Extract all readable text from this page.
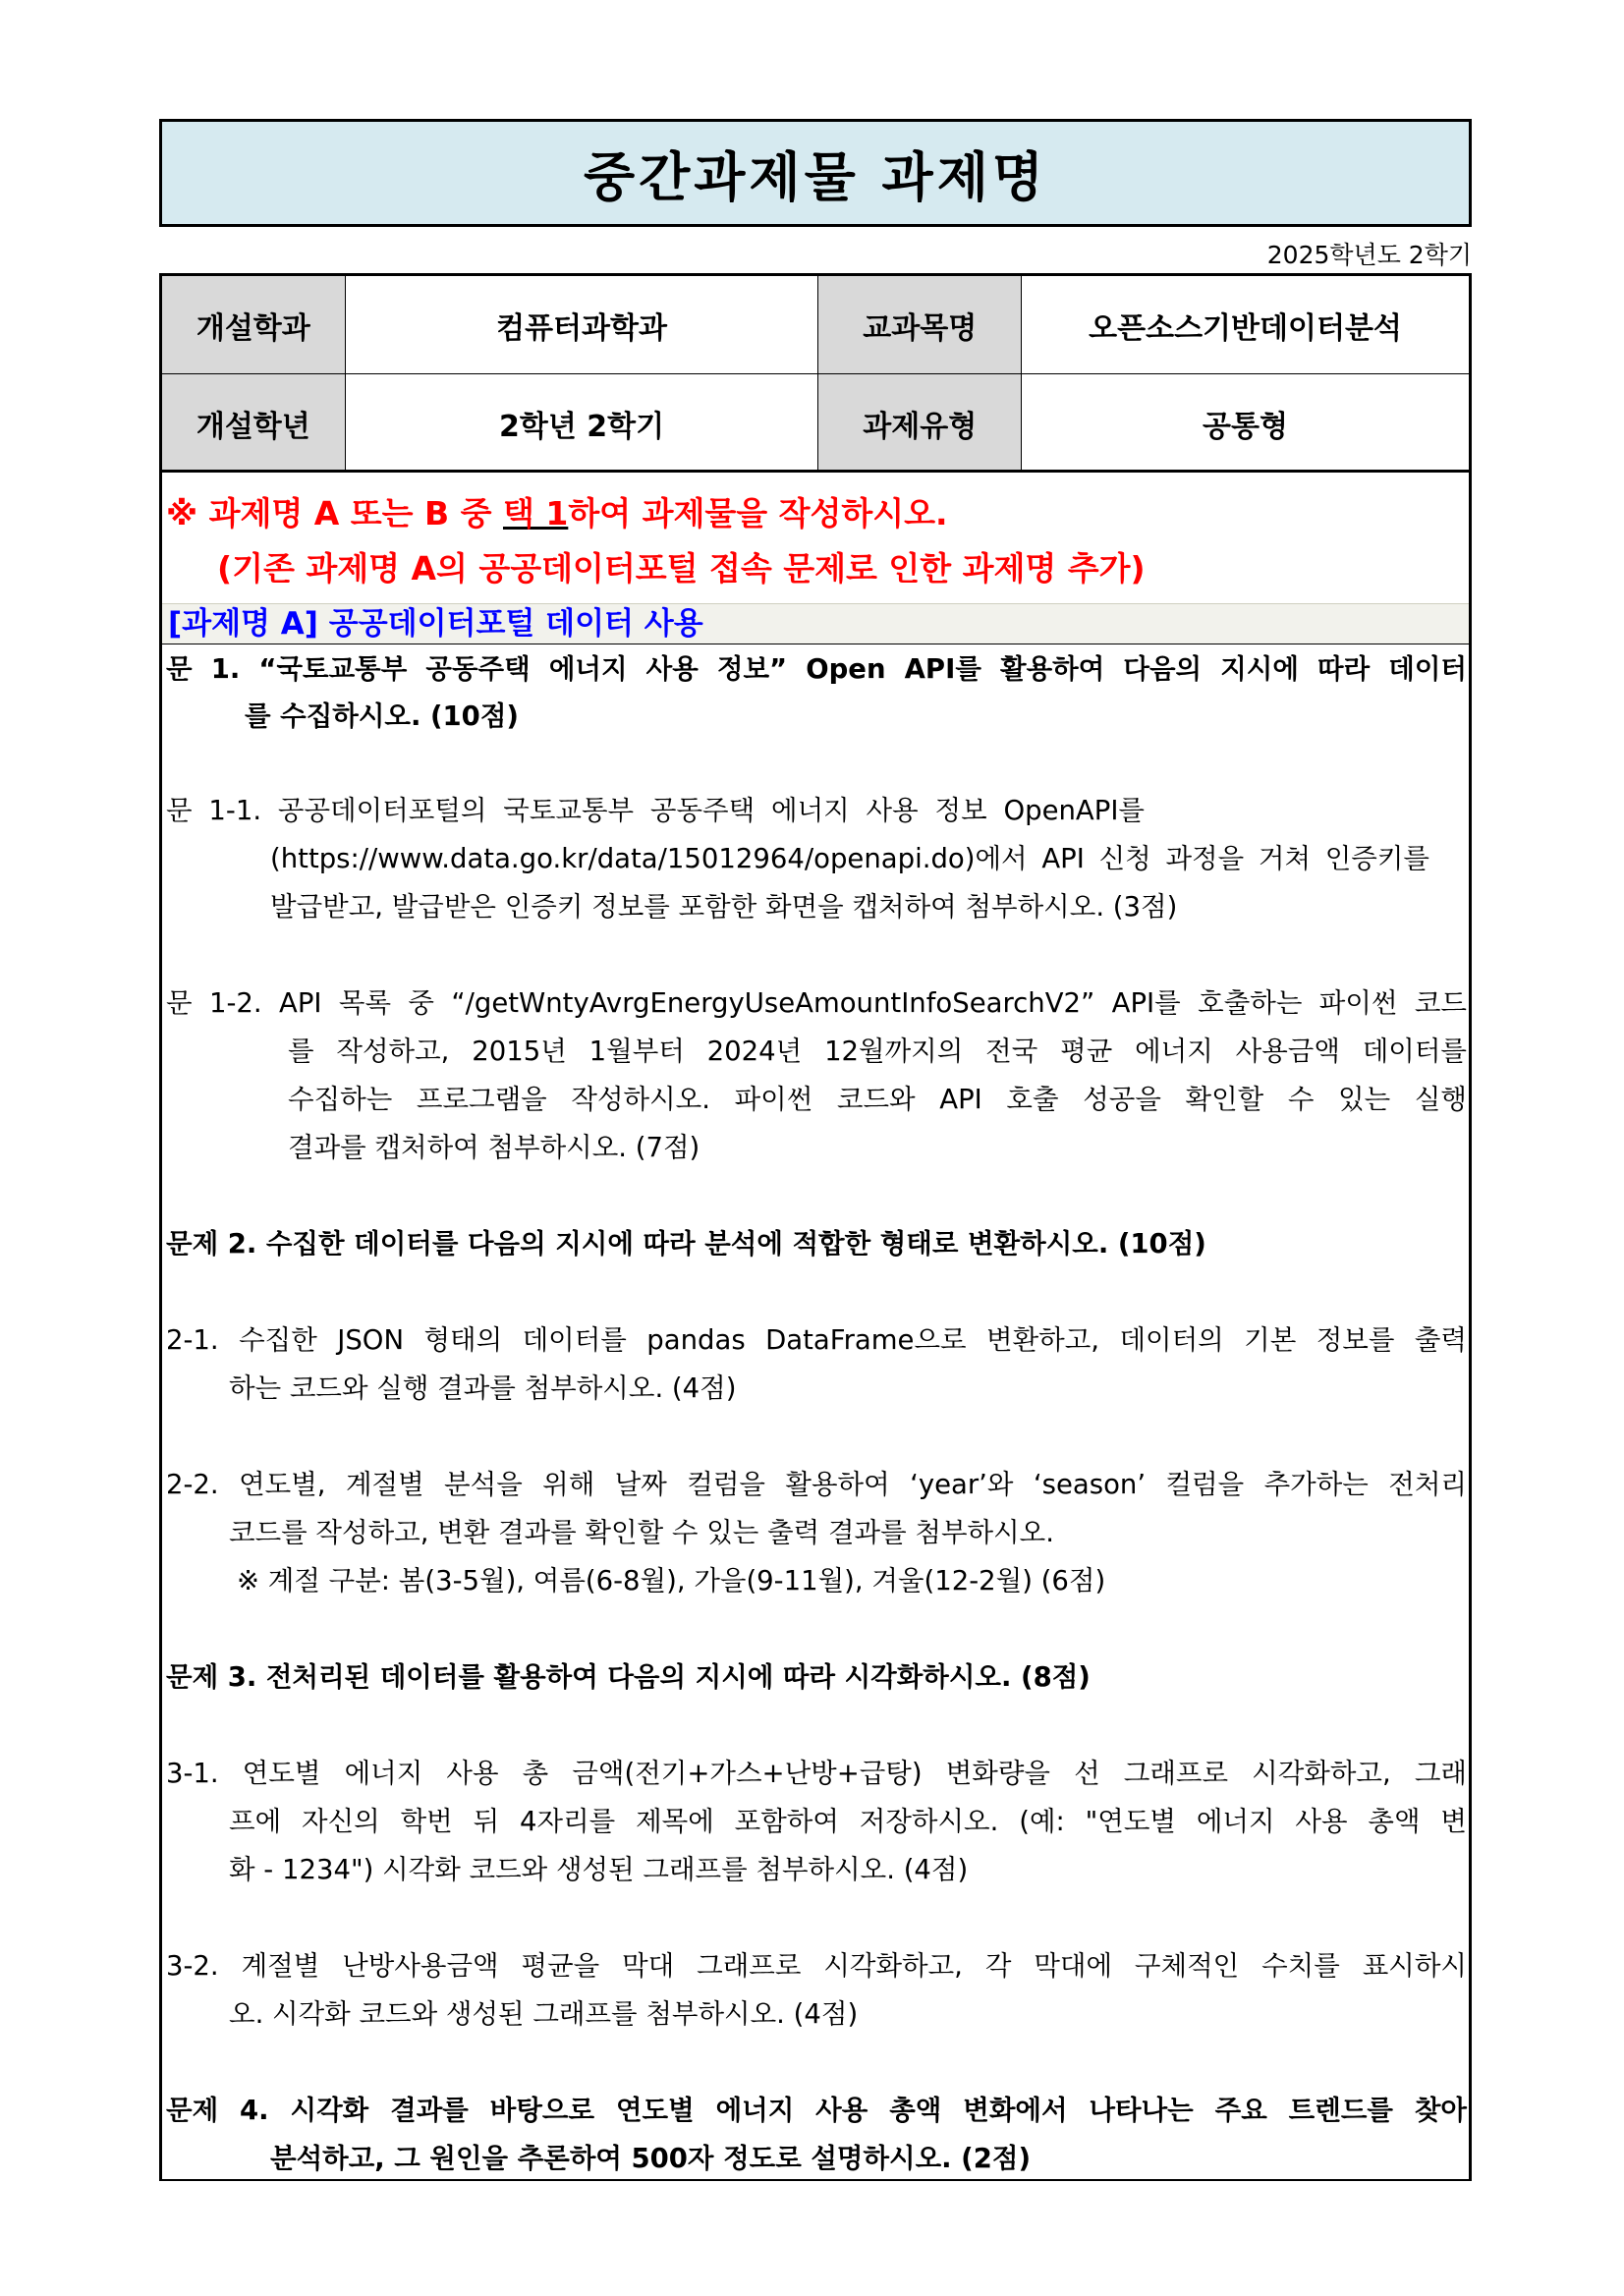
중간과제물 과제명
2025학년도 2학기
개설학과	컴퓨터과학과	교과목명	오픈소스기반데이터분석
개설학년	2학년 2학기	과제유형	공통형
※ 과제명 A 또는 B 중 택 1하여 과제물을 작성하시오.
(기존 과제명 A의 공공데이터포털 접속 문제로 인한 과제명 추가)
[과제명 A] 공공데이터포털 데이터 사용
문 1. “국토교통부 공동주택 에너지 사용 정보” Open API를 활용하여 다음의 지시에 따라 데이터
를 수집하시오. (10점)
문 1-1. 공공데이터포털의 국토교통부 공동주택 에너지 사용 정보 OpenAPI를
(https://www.data.go.kr/data/15012964/openapi.do)에서 API 신청 과정을 거쳐 인증키를
발급받고, 발급받은 인증키 정보를 포함한 화면을 캡처하여 첨부하시오. (3점)
문 1-2. API 목록 중 “/getWntyAvrgEnergyUseAmountInfoSearchV2” API를 호출하는 파이썬 코드
를 작성하고, 2015년 1월부터 2024년 12월까지의 전국 평균 에너지 사용금액 데이터를
수집하는 프로그램을 작성하시오. 파이썬 코드와 API 호출 성공을 확인할 수 있는 실행
결과를 캡처하여 첨부하시오. (7점)
문제 2. 수집한 데이터를 다음의 지시에 따라 분석에 적합한 형태로 변환하시오. (10점)
2-1. 수집한 JSON 형태의 데이터를 pandas DataFrame으로 변환하고, 데이터의 기본 정보를 출력
하는 코드와 실행 결과를 첨부하시오. (4점)
2-2. 연도별, 계절별 분석을 위해 날짜 컬럼을 활용하여 ‘year’와 ‘season’ 컬럼을 추가하는 전처리
코드를 작성하고, 변환 결과를 확인할 수 있는 출력 결과를 첨부하시오.
※ 계절 구분: 봄(3-5월), 여름(6-8월), 가을(9-11월), 겨울(12-2월) (6점)
문제 3. 전처리된 데이터를 활용하여 다음의 지시에 따라 시각화하시오. (8점)
3-1. 연도별 에너지 사용 총 금액(전기+가스+난방+급탕) 변화량을 선 그래프로 시각화하고, 그래
프에 자신의 학번 뒤 4자리를 제목에 포함하여 저장하시오. (예: "연도별 에너지 사용 총액 변
화 - 1234") 시각화 코드와 생성된 그래프를 첨부하시오. (4점)
3-2. 계절별 난방사용금액 평균을 막대 그래프로 시각화하고, 각 막대에 구체적인 수치를 표시하시
오. 시각화 코드와 생성된 그래프를 첨부하시오. (4점)
문제 4. 시각화 결과를 바탕으로 연도별 에너지 사용 총액 변화에서 나타나는 주요 트렌드를 찾아
분석하고, 그 원인을 추론하여 500자 정도로 설명하시오. (2점)
